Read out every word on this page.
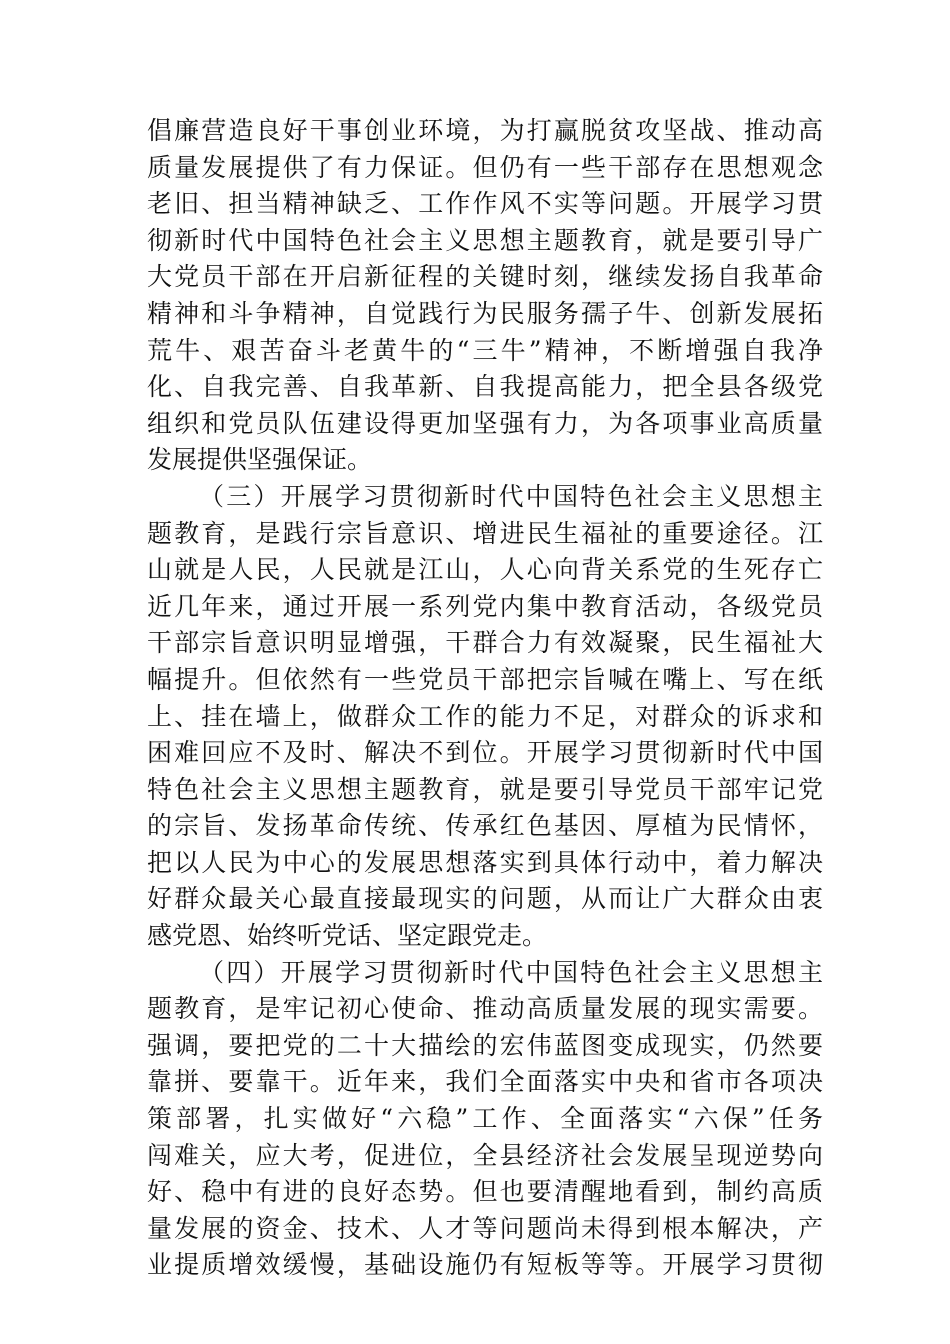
倡廉营造良好干事创业环境，为打赢脱贫攻坚战、推动高
质量发展提供了有力保证。但仍有一些干部存在思想观念
老旧、担当精神缺乏、工作作风不实等问题。开展学习贯
彻新时代中国特色社会主义思想主题教育，就是要引导广
大党员干部在开启新征程的关键时刻，继续发扬自我革命
精神和斗争精神，自觉践行为民服务孺子牛、创新发展拓
荒牛、艰苦奋斗老黄牛的“三牛”精神，不断增强自我净
化、自我完善、自我革新、自我提高能力，把全县各级党
组织和党员队伍建设得更加坚强有力，为各项事业高质量
发展提供坚强保证。
（三）开展学习贯彻新时代中国特色社会主义思想主
题教育，是践行宗旨意识、增进民生福祉的重要途径。江
山就是人民，人民就是江山，人心向背关系党的生死存亡
近几年来，通过开展一系列党内集中教育活动，各级党员
干部宗旨意识明显增强，干群合力有效凝聚，民生福祉大
幅提升。但依然有一些党员干部把宗旨喊在嘴上、写在纸
上、挂在墙上，做群众工作的能力不足，对群众的诉求和
困难回应不及时、解决不到位。开展学习贯彻新时代中国
特色社会主义思想主题教育，就是要引导党员干部牢记党
的宗旨、发扬革命传统、传承红色基因、厚植为民情怀，
把以人民为中心的发展思想落实到具体行动中，着力解决
好群众最关心最直接最现实的问题，从而让广大群众由衷
感党恩、始终听党话、坚定跟党走。
（四）开展学习贯彻新时代中国特色社会主义思想主
题教育，是牢记初心使命、推动高质量发展的现实需要。
强调，要把党的二十大描绘的宏伟蓝图变成现实，仍然要
靠拼、要靠干。近年来，我们全面落实中央和省市各项决
策部署，扎实做好“六稳”工作、全面落实“六保”任务
闯难关，应大考，促进位，全县经济社会发展呈现逆势向
好、稳中有进的良好态势。但也要清醒地看到，制约高质
量发展的资金、技术、人才等问题尚未得到根本解决，产
业提质增效缓慢，基础设施仍有短板等等。开展学习贯彻
